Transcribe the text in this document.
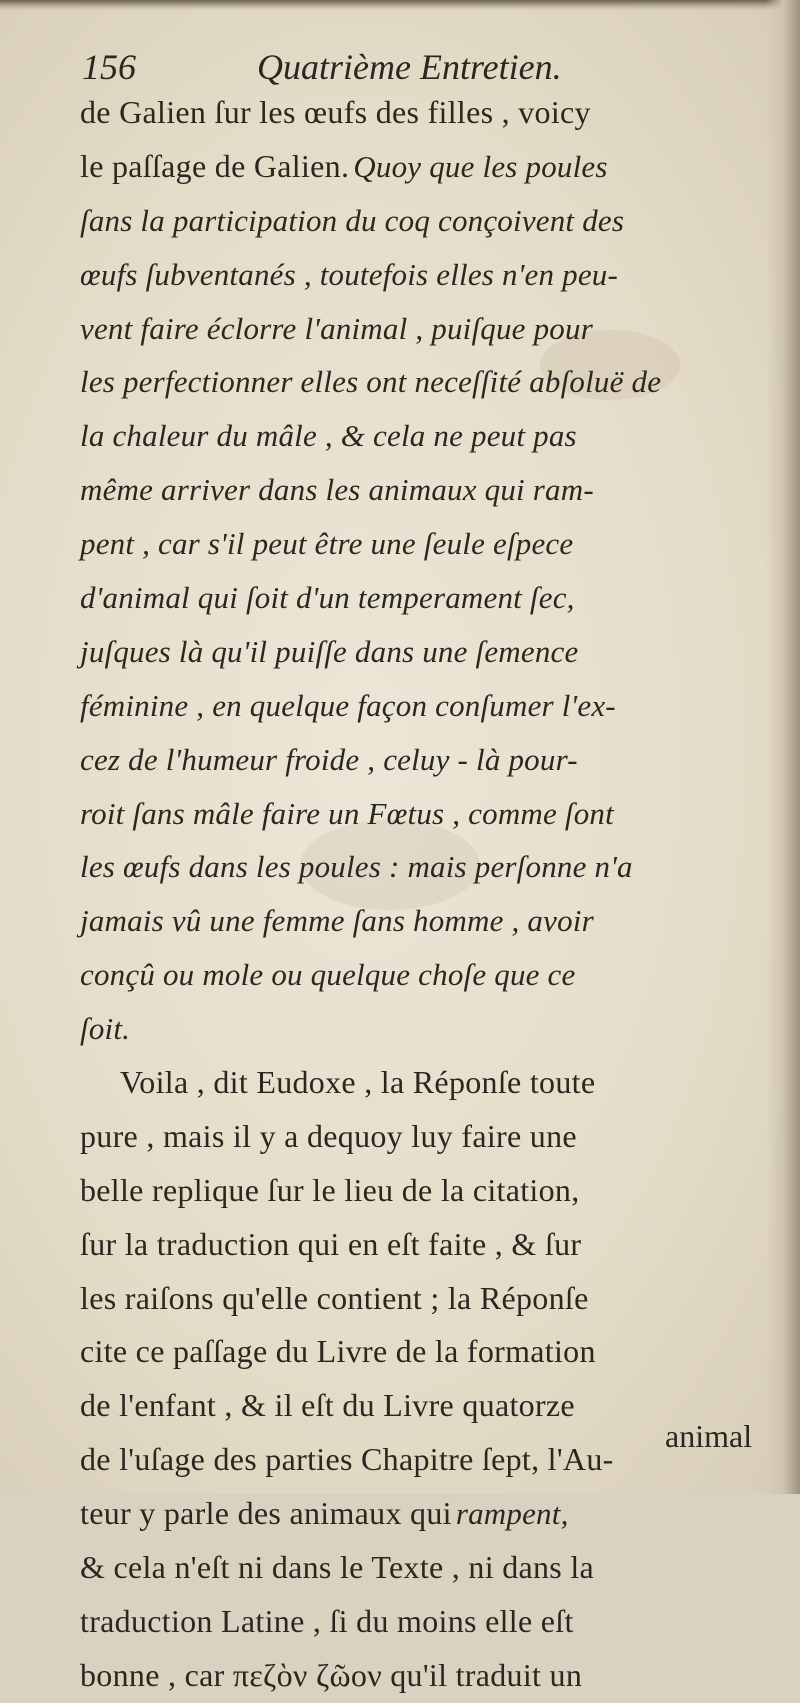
156	Quatrième Entretien.
de Galien ſur les œufs des filles , voicy
le paſſage de Galien. Quoy que les poules
ſans la participation du coq conçoivent des
œufs ſubventanés , toutefois elles n'en peu-
vent faire éclorre l'animal , puiſque pour
les perfectionner elles ont neceſſité abſoluë de
la chaleur du mâle , & cela ne peut pas
même arriver dans les animaux qui ram-
pent , car s'il peut être une ſeule eſpece
d'animal qui ſoit d'un temperament ſec,
juſques là qu'il puiſſe dans une ſemence
féminine , en quelque façon conſumer l'ex-
cez de l'humeur froide , celuy - là pour-
roit ſans mâle faire un Fœtus , comme ſont
les œufs dans les poules : mais perſonne n'a
jamais vû une femme ſans homme , avoir
conçû ou mole ou quelque choſe que ce
ſoit.
Voila , dit Eudoxe , la Réponſe toute
pure , mais il y a dequoy luy faire une
belle replique ſur le lieu de la citation,
ſur la traduction qui en eſt faite , & ſur
les raiſons qu'elle contient ; la Réponſe
cite ce paſſage du Livre de la formation
de l'enfant , & il eſt du Livre quatorze
de l'uſage des parties Chapitre ſept, l'Au-
teur y parle des animaux qui rampent,
& cela n'eſt ni dans le Texte , ni dans la
traduction Latine , ſi du moins elle eſt
bonne , car πεζὸν ζῶον qu'il traduit un
animal
